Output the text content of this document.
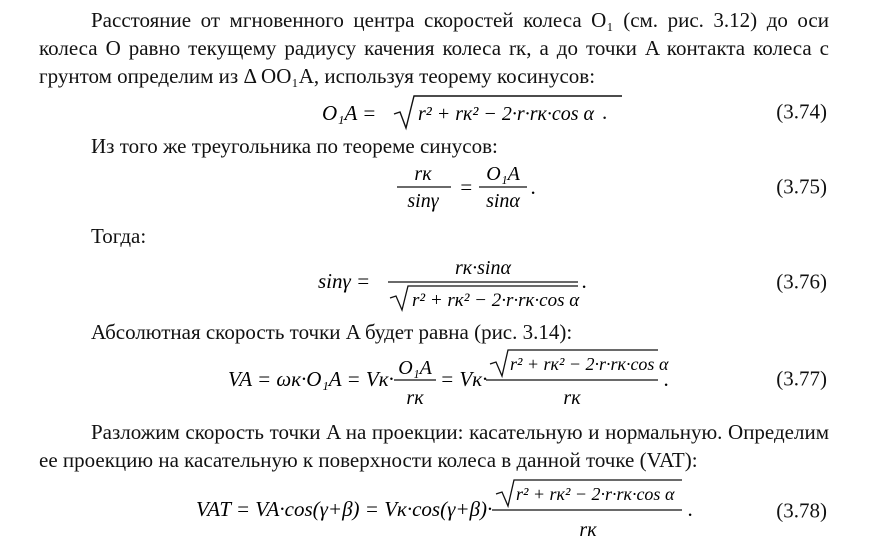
Расстояние от мгновенного центра скоростей колеса O₁ (см. рис. 3.12) до оси колеса O равно текущему радиусу качения колеса rк, а до точки A контакта колеса с грунтом определим из Δ OO₁A, используя теорему косинусов:
O₁A = r² + rк² − 2·r·rк·cos α .	(3.74)
Из того же треугольника по теореме синусов:
rк
sinγ
=
O₁A
sinα
.	(3.75)
Тогда:
sinγ =
rк·sinα
r² + rк² − 2·r·rк·cos α
.	(3.76)
Абсолютная скорость точки A будет равна (рис. 3.14):
VA = ωк·O₁A = Vк· O₁A
rк
= Vк·
r² + rк² − 2·r·rк·cos α
rк
.	(3.77)
Разложим скорость точки A на проекции: касательную и нормальную. Определим ее проекцию на касательную к поверхности колеса в данной точке (VAT):
VAT = VA·cos(γ+β) = Vк·cos(γ+β)·
r² + rк² − 2·r·rк·cos α
rк
.	(3.78)
